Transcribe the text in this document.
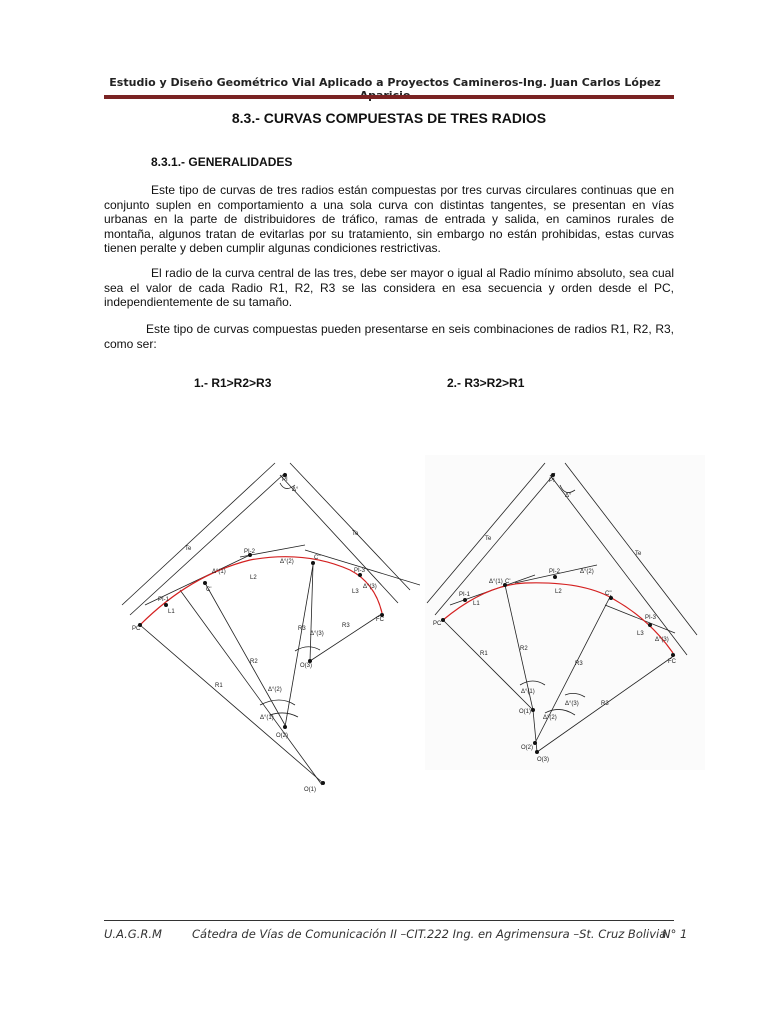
Estudio y Diseño Geométrico Vial Aplicado a Proyectos Camineros-Ing. Juan Carlos López
8.3.- CURVAS COMPUESTAS DE TRES RADIOS
8.3.1.- GENERALIDADES

Este tipo de curvas de tres radios están compuestas por tres curvas circulares continuas que en conjunto suplen en comportamiento a una sola curva con distintas tangentes, se presentan en vías urbanas en la parte de distribuidores de tráfico, ramas de entrada y salida, en caminos rurales de montaña, algunos tratan de evitarlas por su tratamiento, sin embargo no están prohibidas, estas curvas tienen peralte y deben cumplir algunas condiciones restrictivas.

El radio de la curva central de las tres, debe ser mayor o igual al Radio mínimo absoluto, sea cual sea el valor de cada Radio R1, R2, R3 se las considera en esa secuencia y orden desde el PC, independientemente de su tamaño.

Este tipo de curvas compuestas pueden presentarse en seis combinaciones de radios R1, R2, R3, como ser:

1.- R1>R2>R3	2.- R3>R2>R1
PI
Δ°
Te
Te
PI-1
PI-2
PI-3
PC
FC
C'
C''
L1
L2
L3
R1
R2
R3	R3
Δ°(1)
Δ°(2)
Δ°(3)
Δ°(1)
Δ°(2)
Δ°(3)
O(1)
O(2)
O(3)
PI
Δ°
Te
Te
PI-1
PI-2
PI-3
PC
FC
C'
C''
L1
L2
L3
R1
R2
R3
R3
Δ°(1)
Δ°(2)
Δ°(3)
Δ°(1)
Δ°(2)
Δ°(3)
O(1)
O(2)
O(3)
U.A.G.R.M	Cátedra de Vías de Comunicación II –CIT.222 Ing. en Agrimensura –St. Cruz Bolivia
N° 1
